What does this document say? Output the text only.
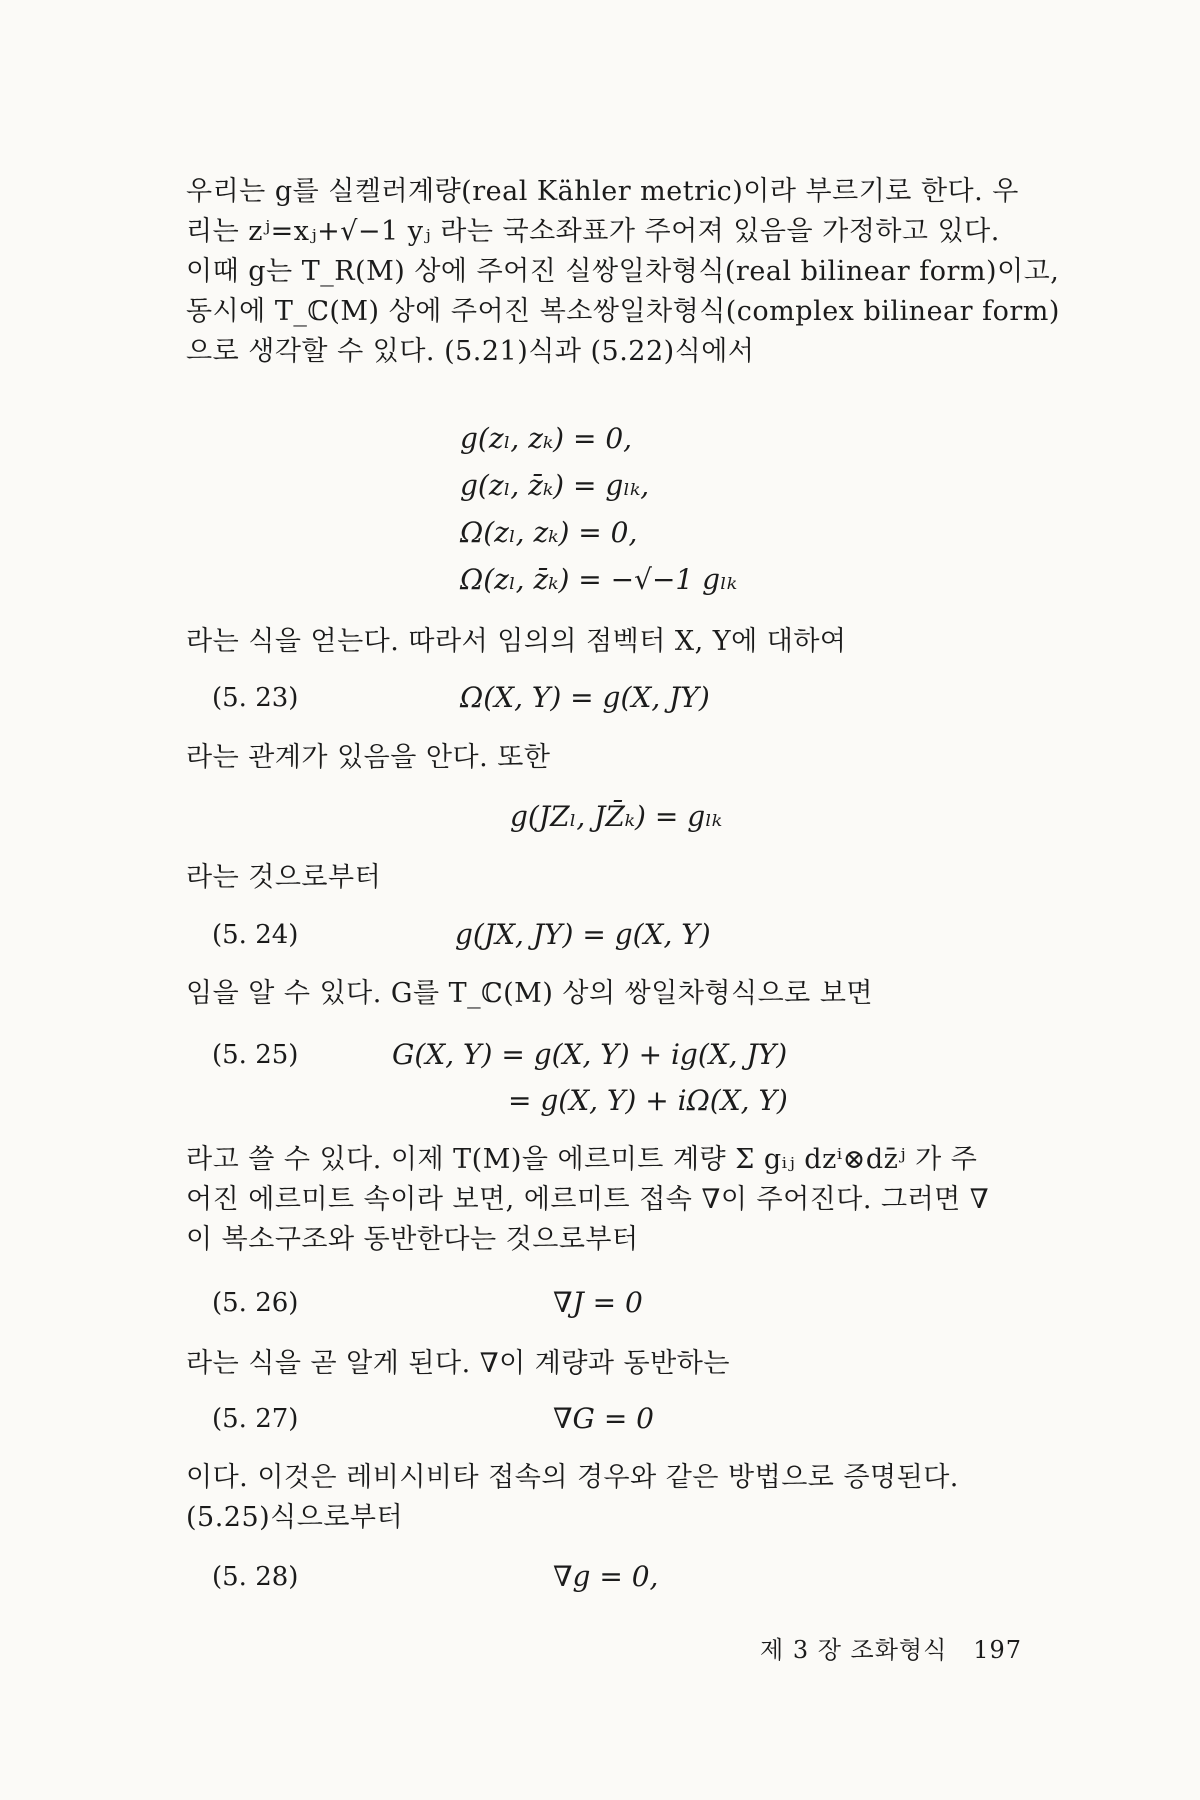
우리는 g를 실켈러계량(real Kähler metric)이라 부르기로 한다. 우
리는 zʲ=xⱼ+√−1 yⱼ 라는 국소좌표가 주어져 있음을 가정하고 있다.
이때 g는 T_R(M) 상에 주어진 실쌍일차형식(real bilinear form)이고,
동시에 T_ℂ(M) 상에 주어진 복소쌍일차형식(complex bilinear form)
으로 생각할 수 있다. (5.21)식과 (5.22)식에서
g(zₗ, zₖ) = 0,
g(zₗ, z̄ₖ) = gₗₖ,
Ω(zₗ, zₖ) = 0,
Ω(zₗ, z̄ₖ) = −√−1 gₗₖ
라는 식을 얻는다. 따라서 임의의 점벡터 X, Y에 대하여
(5. 23)	Ω(X, Y) = g(X, JY)
라는 관계가 있음을 안다. 또한
g(JZₗ, JZ̄ₖ) = gₗₖ
라는 것으로부터
(5. 24)	g(JX, JY) = g(X, Y)
임을 알 수 있다. G를 T_ℂ(M) 상의 쌍일차형식으로 보면
(5. 25)	G(X, Y) = g(X, Y) + ig(X, JY)
= g(X, Y) + iΩ(X, Y)
라고 쓸 수 있다. 이제 T(M)을 에르미트 계량 Σ gᵢⱼ dzⁱ⊗dz̄ʲ 가 주
어진 에르미트 속이라 보면, 에르미트 접속 ∇이 주어진다. 그러면 ∇
이 복소구조와 동반한다는 것으로부터
(5. 26)	∇J = 0
라는 식을 곧 알게 된다. ∇이 계량과 동반하는
(5. 27)	∇G = 0
이다. 이것은 레비시비타 접속의 경우와 같은 방법으로 증명된다.
(5.25)식으로부터
(5. 28)	∇g = 0,
제 3 장 조화형식 197
